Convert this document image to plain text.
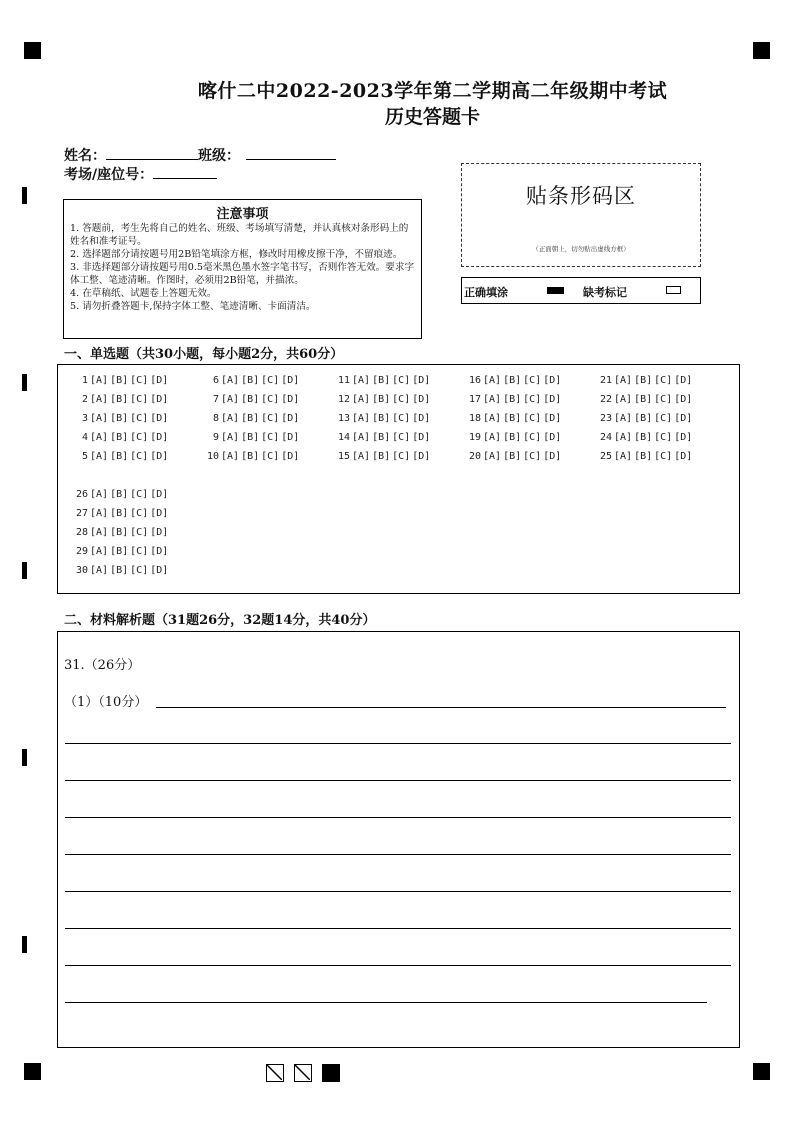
喀什二中2022-2023学年第二学期高二年级期中考试
历史答题卡
姓名：	班级：
考场/座位号：
注意事项
1. 答题前，考生先将自己的姓名、班级、考场填写清楚，并认真核对条形码上的姓名和准考证号。
2. 选择题部分请按题号用2B铅笔填涂方框，修改时用橡皮擦干净，不留痕迹。
3. 非选择题部分请按题号用0.5毫米黑色墨水签字笔书写，否则作答无效。要求字体工整、笔迹清晰。作图时，必须用2B铅笔，并描浓。
4. 在草稿纸、试题卷上答题无效。
5. 请勿折叠答题卡,保持字体工整、笔迹清晰、卡面清洁。
贴条形码区
（正面朝上，切勿贴出虚线方框）
正确填涂	缺考标记
一、单选题（共30小题，每小题2分，共60分）
1 [A] [B] [C] [D]
2 [A] [B] [C] [D]
3 [A] [B] [C] [D]
4 [A] [B] [C] [D]
5 [A] [B] [C] [D]
6 [A] [B] [C] [D]
7 [A] [B] [C] [D]
8 [A] [B] [C] [D]
9 [A] [B] [C] [D]
10 [A] [B] [C] [D]
11 [A] [B] [C] [D]
12 [A] [B] [C] [D]
13 [A] [B] [C] [D]
14 [A] [B] [C] [D]
15 [A] [B] [C] [D]
16 [A] [B] [C] [D]
17 [A] [B] [C] [D]
18 [A] [B] [C] [D]
19 [A] [B] [C] [D]
20 [A] [B] [C] [D]
21 [A] [B] [C] [D]
22 [A] [B] [C] [D]
23 [A] [B] [C] [D]
24 [A] [B] [C] [D]
25 [A] [B] [C] [D]
26 [A] [B] [C] [D]
27 [A] [B] [C] [D]
28 [A] [B] [C] [D]
29 [A] [B] [C] [D]
30 [A] [B] [C] [D]
二、材料解析题（31题26分，32题14分，共40分）
31.（26分）
（1）（10分）
